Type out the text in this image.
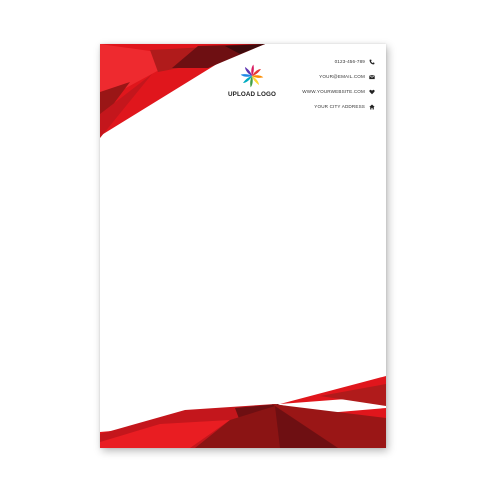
UPLOAD LOGO
0123-456-789
YOUR@EMAIL.COM
WWW.YOURWEBSITE.COM
YOUR CITY ADDRESS
